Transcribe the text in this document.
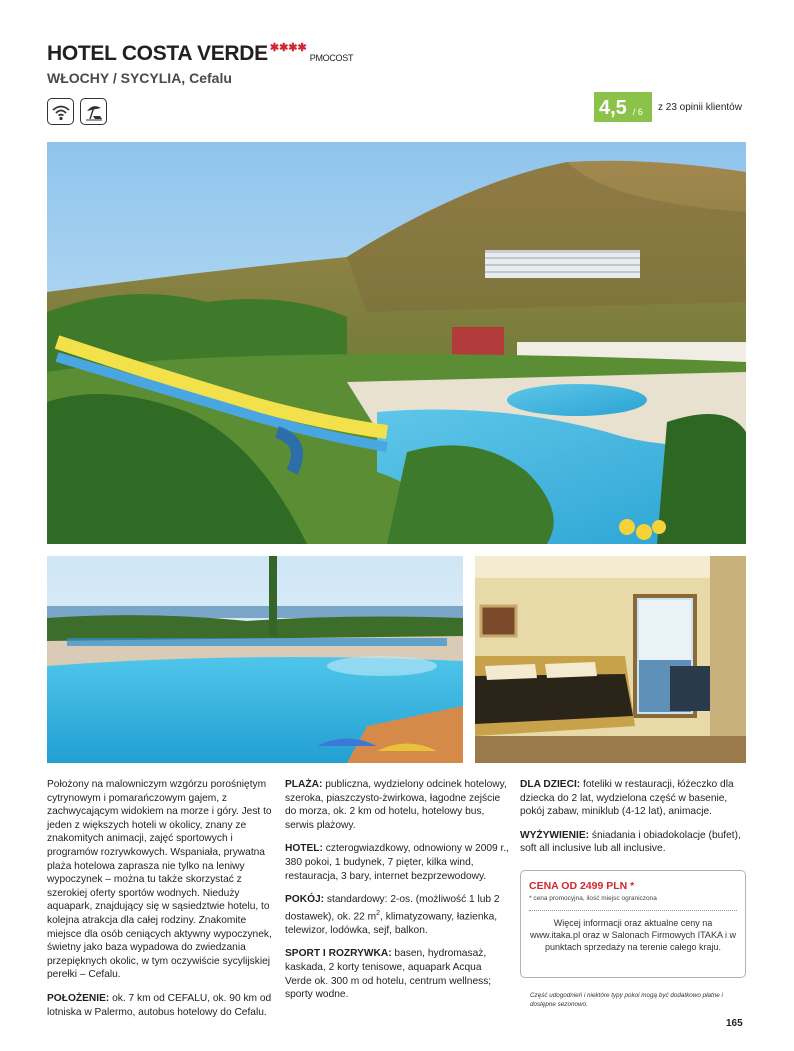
HOTEL COSTA VERDE ✱✱✱✱PMOCOST
WŁOCHY / SYCYLIA, Cefalu
4,5 / 6 z 23 opinii klientów

Położony na malowniczym wzgórzu porośniętym cytrynowym i pomarańczowym gajem, z zachwycającym widokiem na morze i góry. Jest to jeden z większych hoteli w okolicy, znany ze znakomitych animacji, zajęć sportowych i programów rozrywkowych. Wspaniała, prywatna plaża hotelowa zaprasza nie tylko na leniwy wypoczynek – można tu także skorzystać z szerokiej oferty sportów wodnych. Nieduży aquapark, znajdujący się w sąsiedztwie hotelu, to kolejna atrakcja dla całej rodziny. Znakomite miejsce dla osób ceniących aktywny wypoczynek, świetny jako baza wypadowa do zwiedzania przepięknych okolic, w tym oczywiście sycylijskiej perełki – Cefalu.

POŁOŻENIE: ok. 7 km od CEFALU, ok. 90 km od lotniska w Palermo, autobus hotelowy do Cefalu.

PLAŻA: publiczna, wydzielony odcinek hotelowy, szeroka, piaszczysto-żwirkowa, łagodne zejście do morza, ok. 2 km od hotelu, hotelowy bus, serwis plażowy.

HOTEL: czterogwiazdkowy, odnowiony w 2009 r., 380 pokoi, 1 budynek, 7 pięter, kilka wind, restauracja, 3 bary, internet bezprzewodowy.

POKÓJ: standardowy: 2-os. (możliwość 1 lub 2 dostawek), ok. 22 $m^2$, klimatyzowany, łazienka, telewizor, lodówka, sejf, balkon.

SPORT I ROZRYWKA: basen, hydromasaż, kaskada, 2 korty tenisowe, aquapark Acqua Verde ok. 300 m od hotelu, centrum wellness; sporty wodne.

DLA DZIECI: foteliki w restauracji, łóżeczko dla dziecka do 2 lat, wydzielona część w basenie, pokój zabaw, miniklub (4-12 lat), animacje.

WYŻYWIENIE: śniadania i obiadokolacje (bufet), soft all inclusive lub all inclusive.

CENA OD 2499 PLN *
* cena promocyjna, ilość miejsc ograniczona
Więcej informacji oraz aktualne ceny na www.itaka.pl oraz w Salonach Firmowych ITAKA i w punktach sprzedaży na terenie całego kraju.
Część udogodnień i niektóre typy pokoi mogą być dodatkowo płatne i dostępne sezonowo.
165
